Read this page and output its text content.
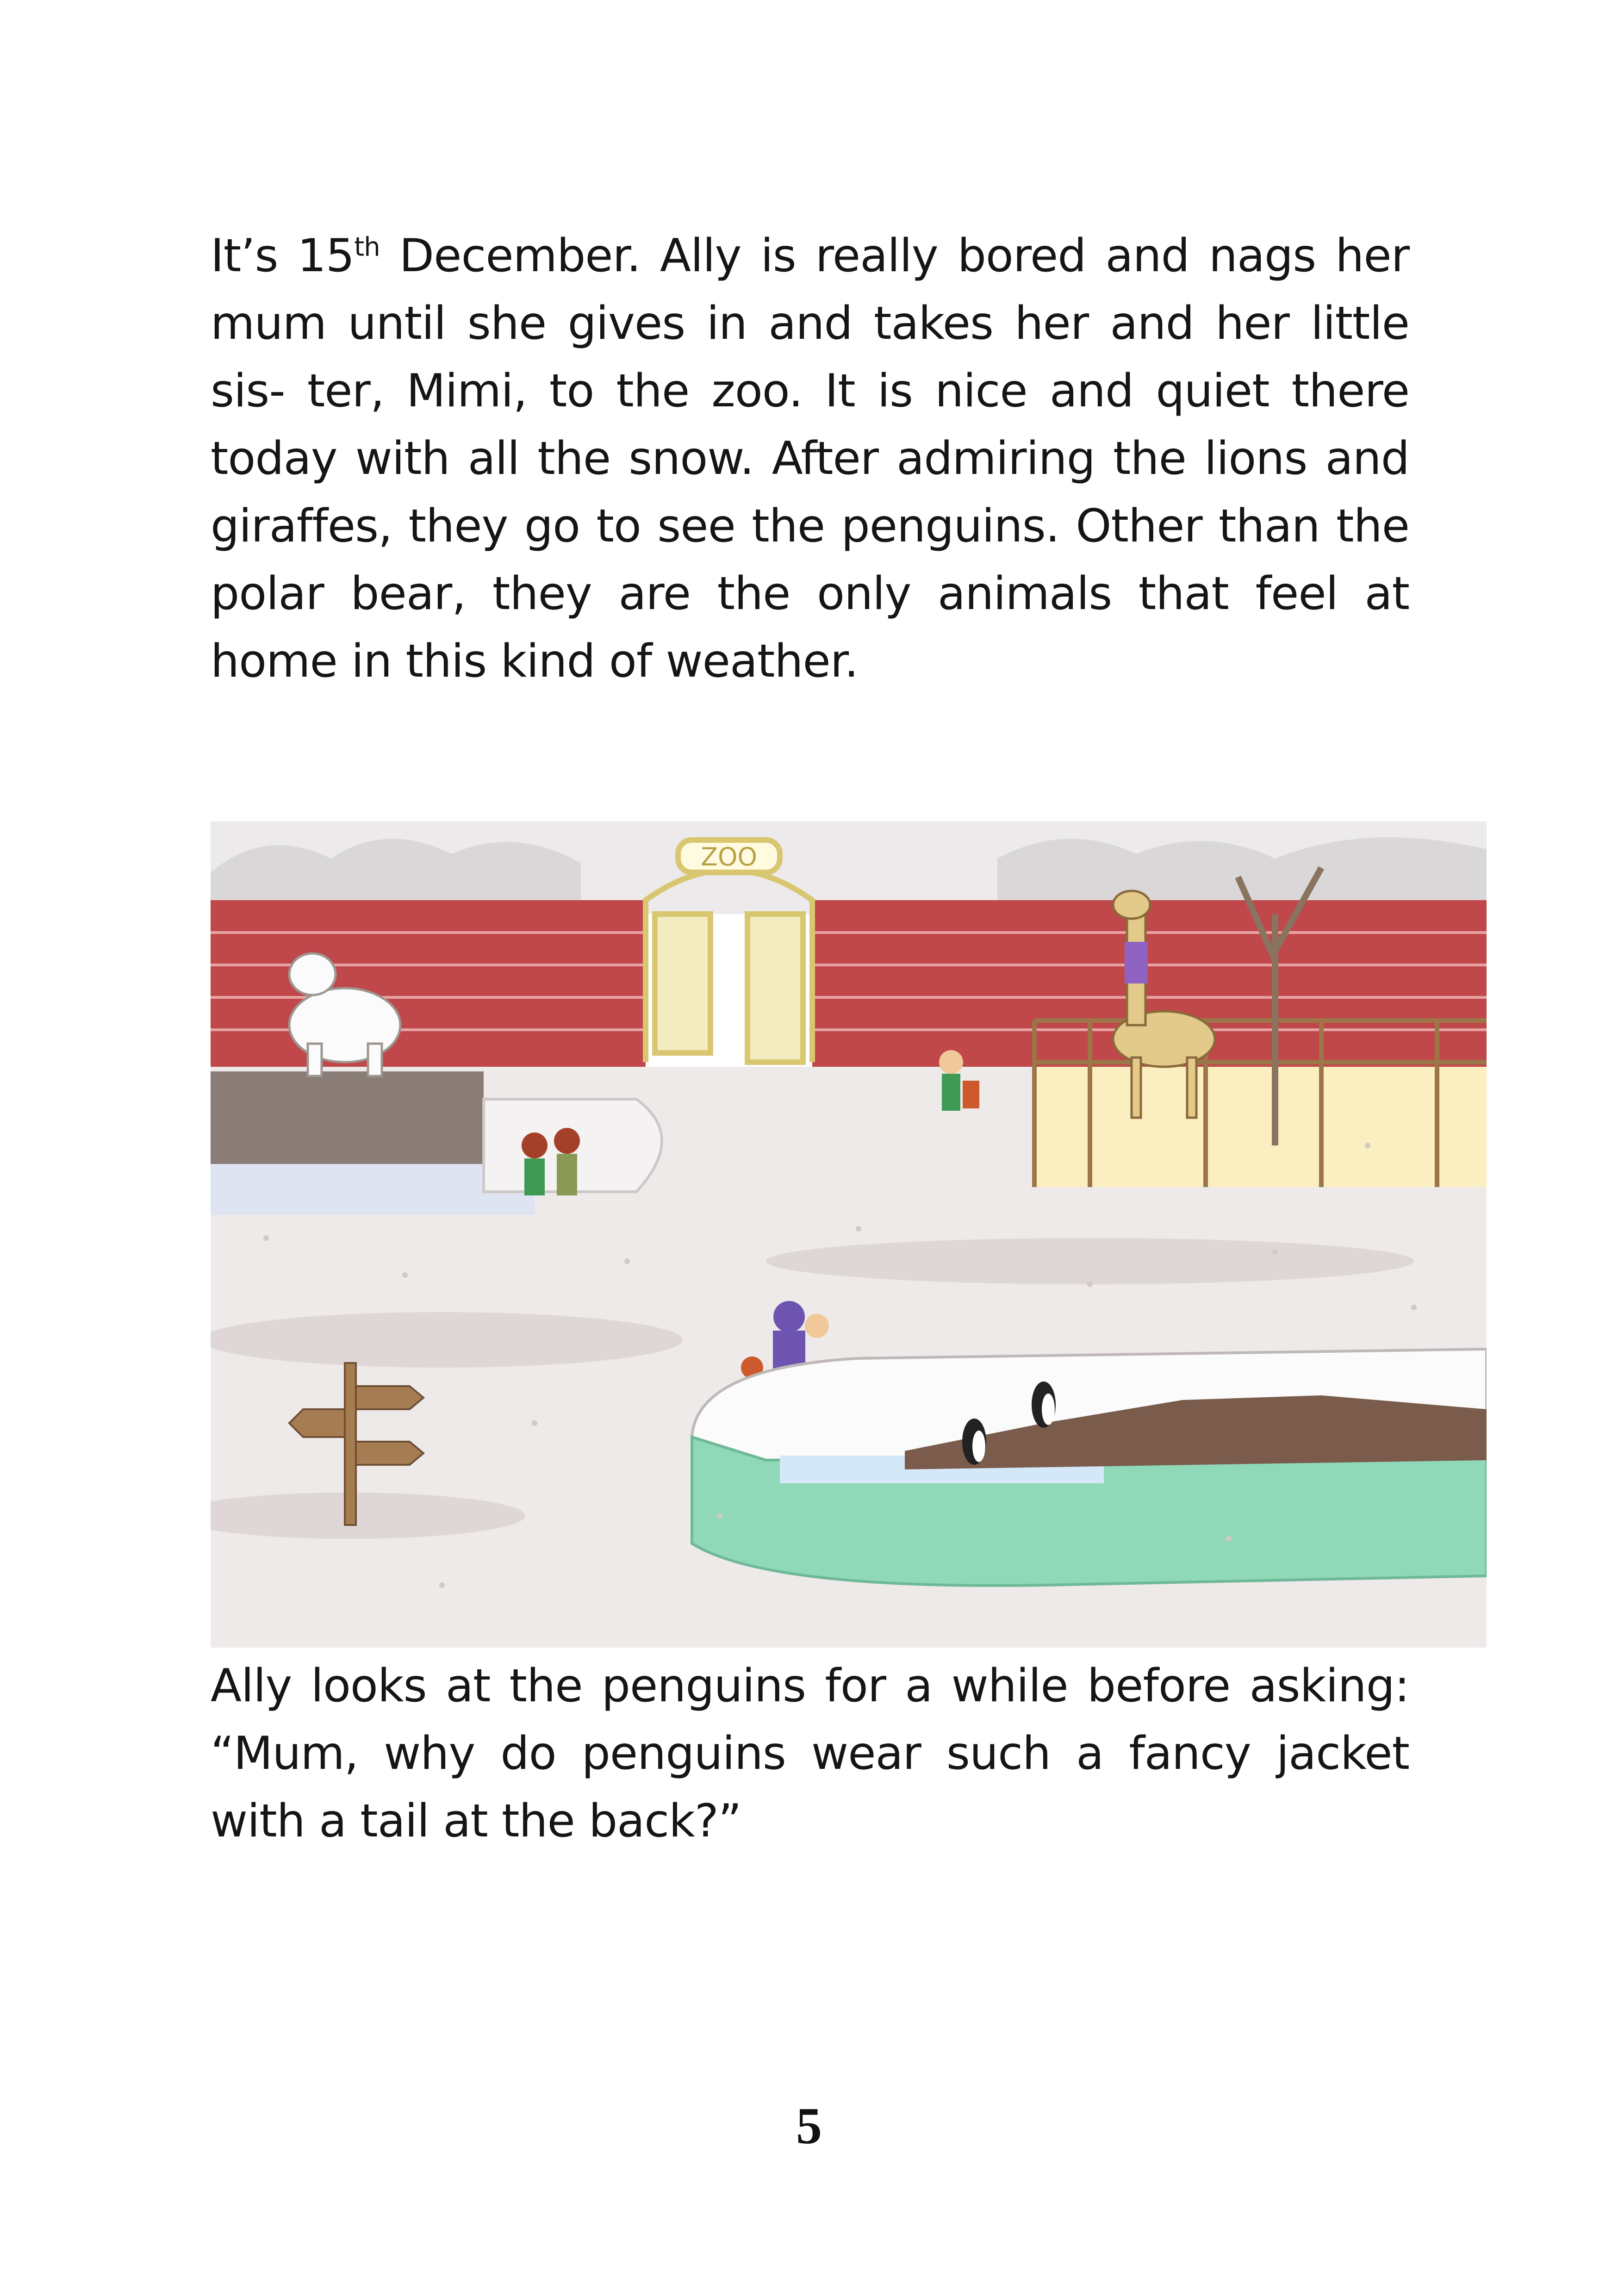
It’s 15th December. Ally is really bored and nags her mum until she gives in and takes her and her little sis- ter, Mimi, to the zoo. It is nice and quiet there today with all the snow. After admiring the lions and giraffes, they go to see the penguins. Other than the polar bear, they are the only animals that feel at home in this kind of weather.

ZOO

Ally looks at the penguins for a while before asking: “Mum, why do penguins wear such a fancy jacket with a tail at the back?”

5
